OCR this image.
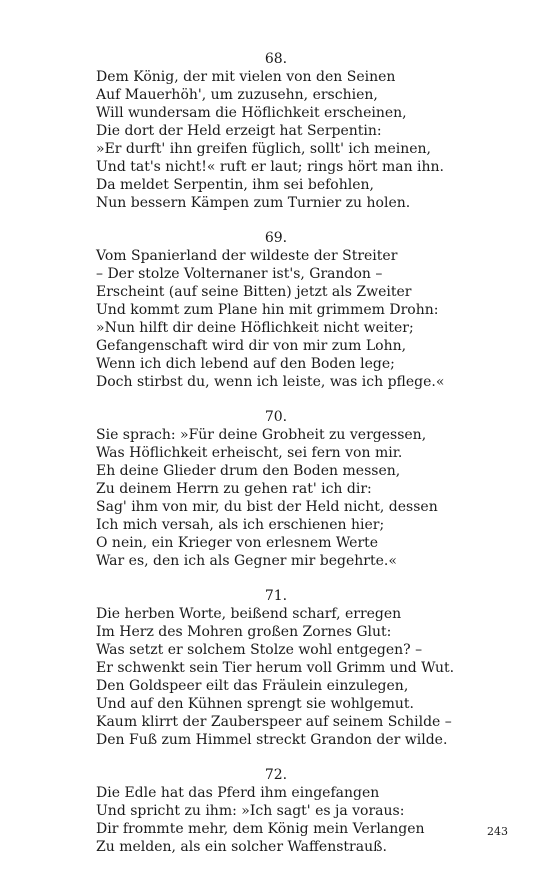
68.
Dem König, der mit vielen von den Seinen
Auf Mauerhöh', um zuzusehn, erschien,
Will wundersam die Höflichkeit erscheinen,
Die dort der Held erzeigt hat Serpentin:
»Er durft' ihn greifen füglich, sollt' ich meinen,
Und tat's nicht!« ruft er laut; rings hört man ihn.
Da meldet Serpentin, ihm sei befohlen,
Nun bessern Kämpen zum Turnier zu holen.
69.
Vom Spanierland der wildeste der Streiter
– Der stolze Volternaner ist's, Grandon –
Erscheint (auf seine Bitten) jetzt als Zweiter
Und kommt zum Plane hin mit grimmem Drohn:
»Nun hilft dir deine Höflichkeit nicht weiter;
Gefangenschaft wird dir von mir zum Lohn,
Wenn ich dich lebend auf den Boden lege;
Doch stirbst du, wenn ich leiste, was ich pflege.«
70.
Sie sprach: »Für deine Grobheit zu vergessen,
Was Höflichkeit erheischt, sei fern von mir.
Eh deine Glieder drum den Boden messen,
Zu deinem Herrn zu gehen rat' ich dir:
Sag' ihm von mir, du bist der Held nicht, dessen
Ich mich versah, als ich erschienen hier;
O nein, ein Krieger von erlesnem Werte
War es, den ich als Gegner mir begehrte.«
71.
Die herben Worte, beißend scharf, erregen
Im Herz des Mohren großen Zornes Glut:
Was setzt er solchem Stolze wohl entgegen? –
Er schwenkt sein Tier herum voll Grimm und Wut.
Den Goldspeer eilt das Fräulein einzulegen,
Und auf den Kühnen sprengt sie wohlgemut.
Kaum klirrt der Zauberspeer auf seinem Schilde –
Den Fuß zum Himmel streckt Grandon der wilde.
72.
Die Edle hat das Pferd ihm eingefangen
Und spricht zu ihm: »Ich sagt' es ja voraus:
Dir frommte mehr, dem König mein Verlangen
Zu melden, als ein solcher Waffenstrauß.
243
